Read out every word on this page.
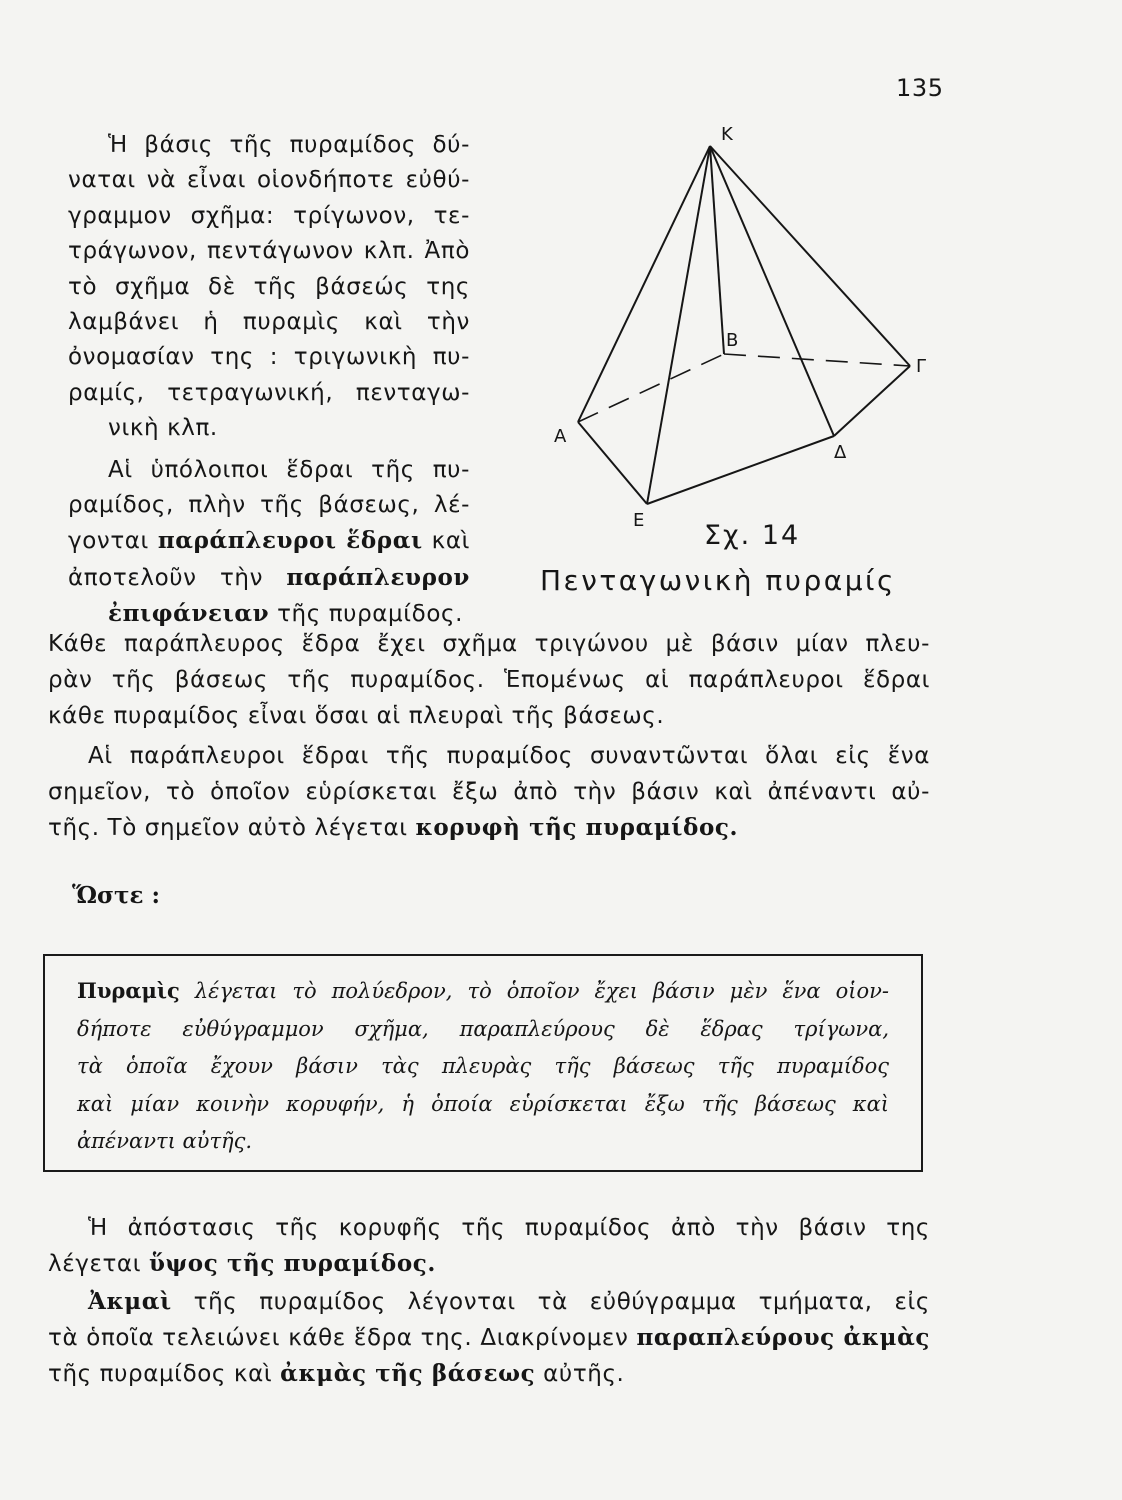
135
Ἡ βάσις τῆς πυραμίδος δύ- ναται νὰ εἶναι οἱονδήποτε εὐθύ- γραμμον σχῆμα: τρίγωνον, τε- τράγωνον, πεντάγωνον κλπ. Ἀπὸ τὸ σχῆμα δὲ τῆς βάσεώς της λαμβάνει ἡ πυραμὶς καὶ τὴν ὀνομασίαν της : τριγωνικὴ πυ- ραμίς, τετραγωνική, πενταγω-
νικὴ κλπ.
Αἱ ὑπόλοιποι ἕδραι τῆς πυ- ραμίδος, πλὴν τῆς βάσεως, λέ- γονται παράπλευροι ἕδραι καὶ ἀποτελοῦν τὴν παράπλευρον
ἐπιφάνειαν τῆς πυραμίδος.
Κ
Β
Γ
Α
Δ
Ε Σχ. 14
Πενταγωνικὴ πυραμίς

Κάθε παράπλευρος ἕδρα ἔχει σχῆμα τριγώνου μὲ βάσιν μίαν πλευ-

ρὰν τῆς βάσεως τῆς πυραμίδος. Ἑπομένως αἱ παράπλευροι ἕδραι

κάθε πυραμίδος εἶναι ὅσαι αἱ πλευραὶ τῆς βάσεως.

Αἱ παράπλευροι ἕδραι τῆς πυραμίδος συναντῶνται ὅλαι εἰς ἕνα

σημεῖον, τὸ ὁποῖον εὑρίσκεται ἔξω ἀπὸ τὴν βάσιν καὶ ἀπέναντι αὐ-

τῆς. Τὸ σημεῖον αὐτὸ λέγεται κορυφὴ τῆς πυραμίδος.

Ὥστε :

Πυραμὶς λέγεται τὸ πολύεδρον, τὸ ὁποῖον ἔχει βάσιν μὲν ἕνα οἱον-

δήποτε εὐθύγραμμον σχῆμα, παραπλεύρους δὲ ἕδρας τρίγωνα,

τὰ ὁποῖα ἔχουν βάσιν τὰς πλευρὰς τῆς βάσεως τῆς πυραμίδος

καὶ μίαν κοινὴν κορυφήν, ἡ ὁποία εὑρίσκεται ἔξω τῆς βάσεως καὶ

ἀπέναντι αὐτῆς.

Ἡ ἀπόστασις τῆς κορυφῆς τῆς πυραμίδος ἀπὸ τὴν βάσιν της

λέγεται ὕψος τῆς πυραμίδος.

Ἀκμαὶ τῆς πυραμίδος λέγονται τὰ εὐθύγραμμα τμήματα, εἰς

τὰ ὁποῖα τελειώνει κάθε ἕδρα της. Διακρίνομεν παραπλεύρους ἀκμὰς

τῆς πυραμίδος καὶ ἀκμὰς τῆς βάσεως αὐτῆς.
